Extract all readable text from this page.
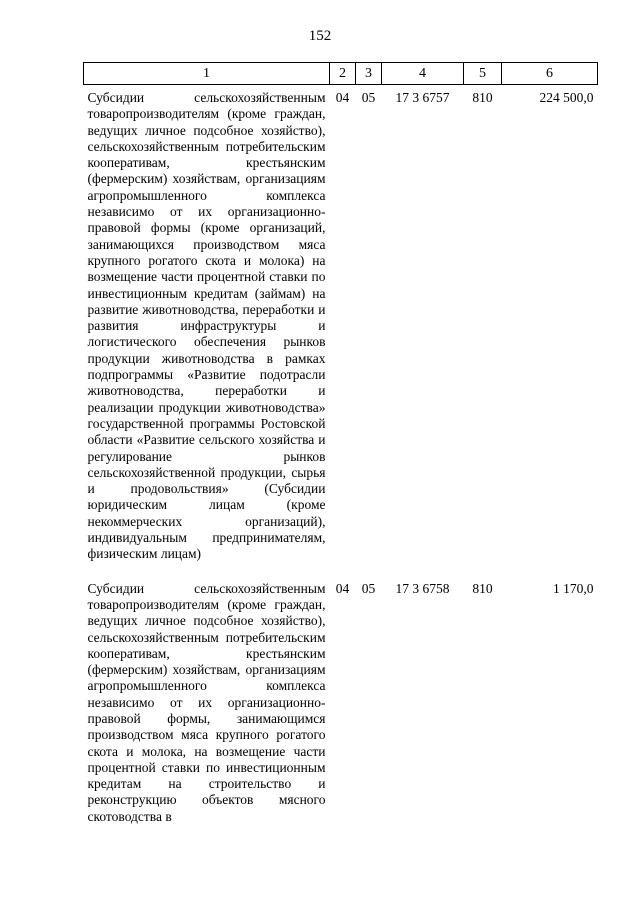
152
1	2	3	4	5	6
Субсидии сельскохозяйственным товаропроизводителям (кроме граждан, ведущих личное подсобное хозяйство), сельскохозяйственным потребительским кооперативам, крестьянским (фермерским) хозяйствам, организациям агропромышленного комплекса независимо от их организационно-правовой формы (кроме организаций, занимающихся производством мяса крупного рогатого скота и молока) на возмещение части процентной ставки по инвестиционным кредитам (займам) на развитие животноводства, переработки и развития инфраструктуры и логистического обеспечения рынков продукции животноводства в рамках подпрограммы «Развитие подотрасли животноводства, переработки и реализации продукции животноводства» государственной программы Ростовской области «Развитие сельского хозяйства и регулирование рынков сельскохозяйственной продукции, сырья и продовольствия» (Субсидии юридическим лицам (кроме некоммерческих организаций), индивидуальным предпринимателям, физическим лицам)	04	05	17 3 6757	810	224 500,0
Субсидии сельскохозяйственным товаропроизводителям (кроме граждан, ведущих личное подсобное хозяйство), сельскохозяйственным потребительским кооперативам, крестьянским (фермерским) хозяйствам, организациям агропромышленного комплекса независимо от их организационно-правовой формы, занимающимся производством мяса крупного рогатого скота и молока, на возмещение части процентной ставки по инвестиционным кредитам на строительство и реконструкцию объектов мясного скотоводства в	04	05	17 3 6758	810	1 170,0
